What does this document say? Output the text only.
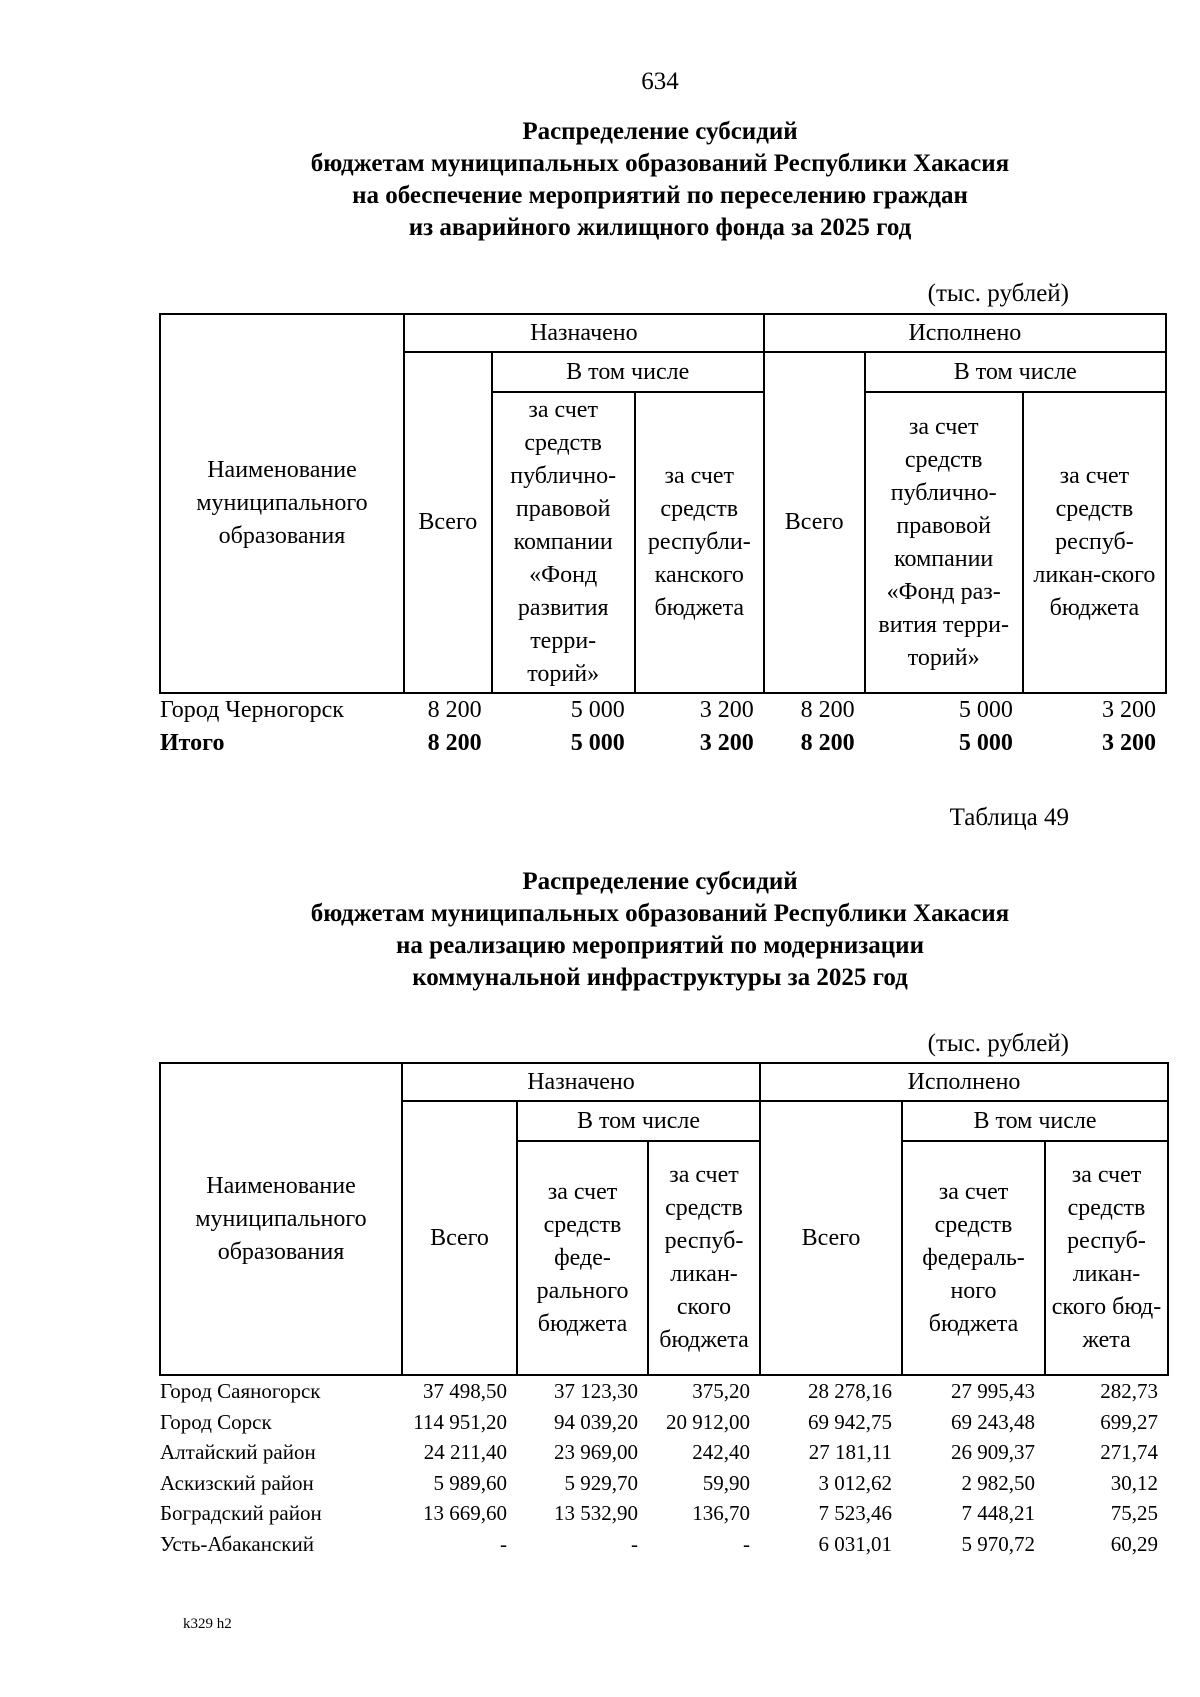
634
Распределение субсидий
бюджетам муниципальных образований Республики Хакасия
на обеспечение мероприятий по переселению граждан
из аварийного жилищного фонда за 2025 год
(тыс. рублей)
Наименование муниципального образования	Назначено			Исполнено		
	Всего	В том числе		Всего	В том числе	
		за счет средств публично-правовой компании «Фонд развития терри-торий»	за счет средств республи-канского бюджета		за счет средств публично-правовой компании «Фонд раз-вития терри-торий»	за счет средств респуб-ликан-ского бюджета
Город Черногорск	8 200	5 000	3 200	8 200	5 000	3 200
Итого	8 200	5 000	3 200	8 200	5 000	3 200
Таблица 49
Распределение субсидий
бюджетам муниципальных образований Республики Хакасия
на реализацию мероприятий по модернизации
коммунальной инфраструктуры за 2025 год
(тыс. рублей)
Наименование муниципального образования	Назначено			Исполнено		
	Всего	В том числе		Всего	В том числе	
		за счет средств феде-рального бюджета	за счет средств респуб-ликан-ского бюджета		за счет средств федераль-ного бюджета	за счет средств респуб-ликан-ского бюд-жета
Город Саяногорск	37 498,50	37 123,30	375,20	28 278,16	27 995,43	282,73
Город Сорск	114 951,20	94 039,20	20 912,00	69 942,75	69 243,48	699,27
Алтайский район	24 211,40	23 969,00	242,40	27 181,11	26 909,37	271,74
Аскизский район	5 989,60	5 929,70	59,90	3 012,62	2 982,50	30,12
Боградский район	13 669,60	13 532,90	136,70	7 523,46	7 448,21	75,25
Усть-Абаканский	-	-	-	6 031,01	5 970,72	60,29
k329 h2
